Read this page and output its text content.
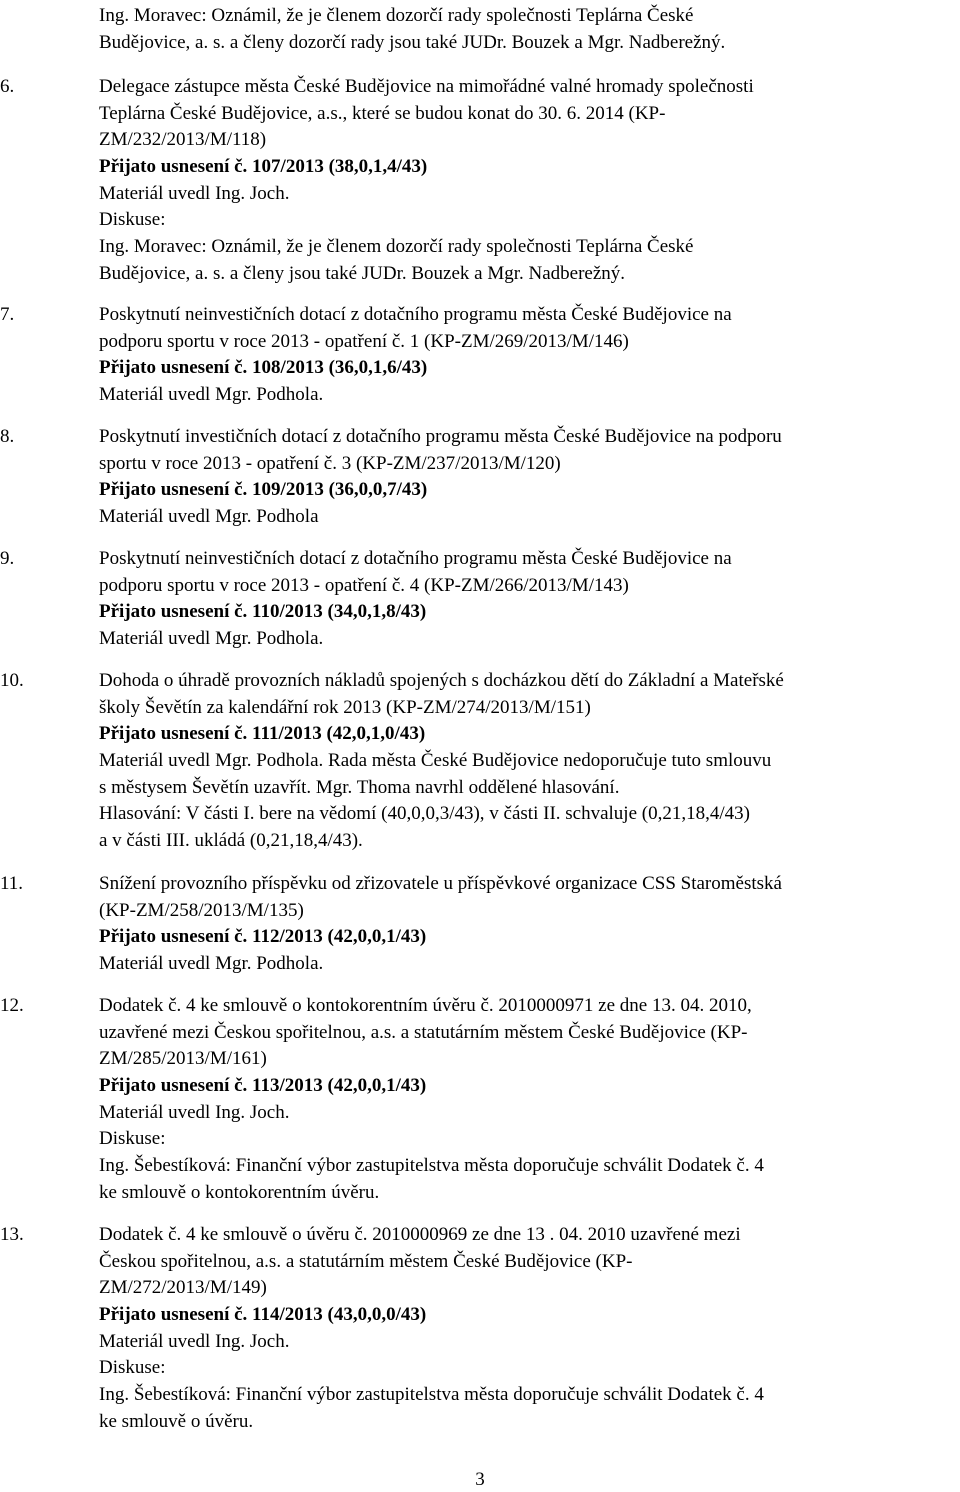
Ing. Moravec: Oznámil, že je členem dozorčí rady společnosti Teplárna České
Budějovice, a. s. a členy dozorčí rady jsou také JUDr. Bouzek a Mgr. Nadberežný.
6.	Delegace zástupce města České Budějovice na mimořádné valné hromady společnosti
Teplárna České Budějovice, a.s., které se budou konat do 30. 6. 2014 (KP-
ZM/232/2013/M/118)
Přijato usnesení č. 107/2013 (38,0,1,4/43)
Materiál uvedl Ing. Joch.
Diskuse:
Ing. Moravec: Oznámil, že je členem dozorčí rady společnosti Teplárna České
Budějovice, a. s. a členy jsou také JUDr. Bouzek a Mgr. Nadberežný.
7.	Poskytnutí neinvestičních dotací z dotačního programu města České Budějovice na
podporu sportu v roce 2013 - opatření č. 1 (KP-ZM/269/2013/M/146)
Přijato usnesení č. 108/2013 (36,0,1,6/43)
Materiál uvedl Mgr. Podhola.
8.	Poskytnutí investičních dotací z dotačního programu města České Budějovice na podporu
sportu v roce 2013 - opatření č. 3 (KP-ZM/237/2013/M/120)
Přijato usnesení č. 109/2013 (36,0,0,7/43)
Materiál uvedl Mgr. Podhola
9.	Poskytnutí neinvestičních dotací z dotačního programu města České Budějovice na
podporu sportu v roce 2013 - opatření č. 4 (KP-ZM/266/2013/M/143)
Přijato usnesení č. 110/2013 (34,0,1,8/43)
Materiál uvedl Mgr. Podhola.
10.	Dohoda o úhradě provozních nákladů spojených s docházkou dětí do Základní a Mateřské
školy Ševětín za kalendářní rok 2013 (KP-ZM/274/2013/M/151)
Přijato usnesení č. 111/2013 (42,0,1,0/43)
Materiál uvedl Mgr. Podhola. Rada města České Budějovice nedoporučuje tuto smlouvu
s městysem Ševětín uzavřít. Mgr. Thoma navrhl oddělené hlasování.
Hlasování: V části I. bere na vědomí (40,0,0,3/43), v části II. schvaluje (0,21,18,4/43)
a v části III. ukládá (0,21,18,4/43).
11.	Snížení provozního příspěvku od zřizovatele u příspěvkové organizace CSS Staroměstská
(KP-ZM/258/2013/M/135)
Přijato usnesení č. 112/2013 (42,0,0,1/43)
Materiál uvedl Mgr. Podhola.
12.	Dodatek č. 4 ke smlouvě o kontokorentním úvěru č. 2010000971 ze dne 13. 04. 2010,
uzavřené mezi Českou spořitelnou, a.s. a statutárním městem České Budějovice (KP-
ZM/285/2013/M/161)
Přijato usnesení č. 113/2013 (42,0,0,1/43)
Materiál uvedl Ing. Joch.
Diskuse:
Ing. Šebestíková: Finanční výbor zastupitelstva města doporučuje schválit Dodatek č. 4
ke smlouvě o kontokorentním úvěru.
13.	Dodatek č. 4 ke smlouvě o úvěru č. 2010000969 ze dne 13 . 04. 2010 uzavřené mezi
Českou spořitelnou, a.s. a statutárním městem České Budějovice (KP-
ZM/272/2013/M/149)
Přijato usnesení č. 114/2013 (43,0,0,0/43)
Materiál uvedl Ing. Joch.
Diskuse:
Ing. Šebestíková: Finanční výbor zastupitelstva města doporučuje schválit Dodatek č. 4
ke smlouvě o úvěru.
3
